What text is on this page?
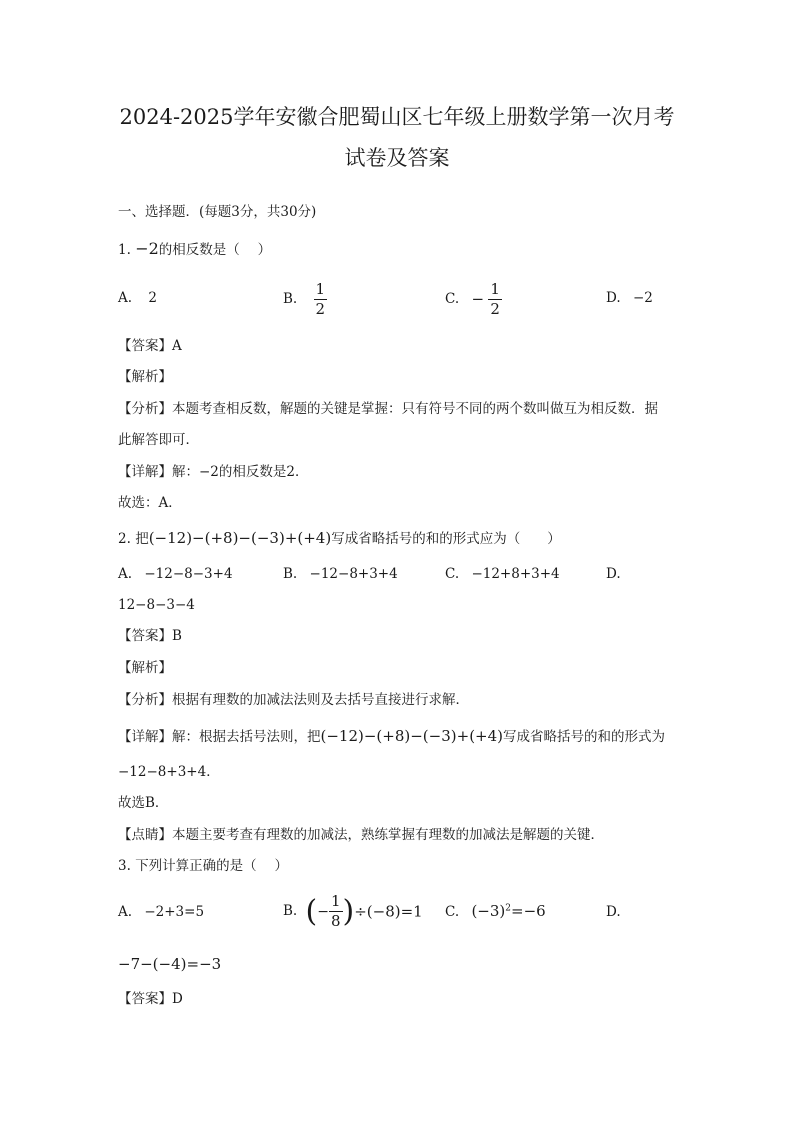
2024-2025学年安徽合肥蜀山区七年级上册数学第一次月考
试卷及答案
一、选择题．(每题3分，共30分)
1. −2的相反数是（　 ）
A. 2	B. $\frac{1}{2}$	C. − $\frac{1}{2}$	D. −2
【答案】A
【解析】
【分析】本题考查相反数，解题的关键是掌握：只有符号不同的两个数叫做互为相反数．据
此解答即可．
【详解】解：−2的相反数是2．
故选：A．
2. 把(−12)−(+8)−(−3)+(+4)写成省略括号的和的形式应为（　　）
A. −12−8−3+4	B. −12−8+3+4	C. −12+8+3+4	D.
12−8−3−4
【答案】B
【解析】
【分析】根据有理数的加减法法则及去括号直接进行求解．
【详解】解：根据去括号法则，把(−12)−(+8)−(−3)+(+4)写成省略括号的和的形式为
−12−8+3+4．
故选B．
【点睛】本题主要考查有理数的加减法，熟练掌握有理数的加减法是解题的关键．
3. 下列计算正确的是（　 ）
A. −2+3=5	B. (− $\frac{1}{8} )\div(-8)=1$ C. $(-3)^2=-6$	D.
−7−(−4)=−3
【答案】D
